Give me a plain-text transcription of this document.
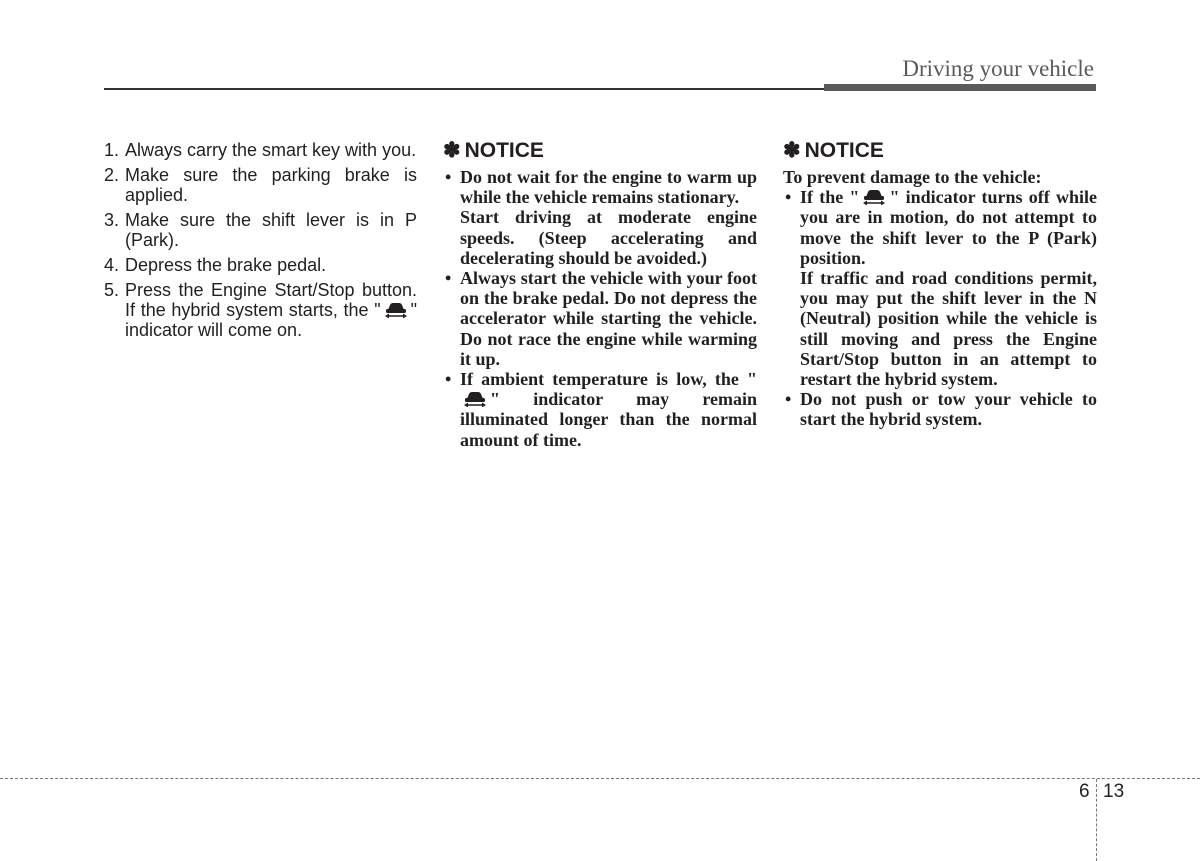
Driving your vehicle
1. Always carry the smart key with you.
2. Make sure the parking brake is applied.
3. Make sure the shift lever is in P (Park).
4. Depress the brake pedal.
5. Press the Engine Start/Stop button. If the hybrid system starts, the " " indicator will come on.
✽ NOTICE
• Do not wait for the engine to warm up while the vehicle remains stationary.

Start driving at moderate engine speeds. (Steep accelerating and decelerating should be avoided.)

• Always start the vehicle with your foot on the brake pedal. Do not depress the accelerator while starting the vehicle. Do not race the engine while warming it up.

• If ambient temperature is low, the "" indicator may remain illuminated longer than the normal amount of time.

✽ NOTICE
To prevent damage to the vehicle:
• If the " " indicator turns off while you are in motion, do not attempt to move the shift lever to the P (Park) position.

If traffic and road conditions permit, you may put the shift lever in the N (Neutral) position while the vehicle is still moving and press the Engine Start/Stop button in an attempt to restart the hybrid system.

• Do not push or tow your vehicle to start the hybrid system.

6 13
